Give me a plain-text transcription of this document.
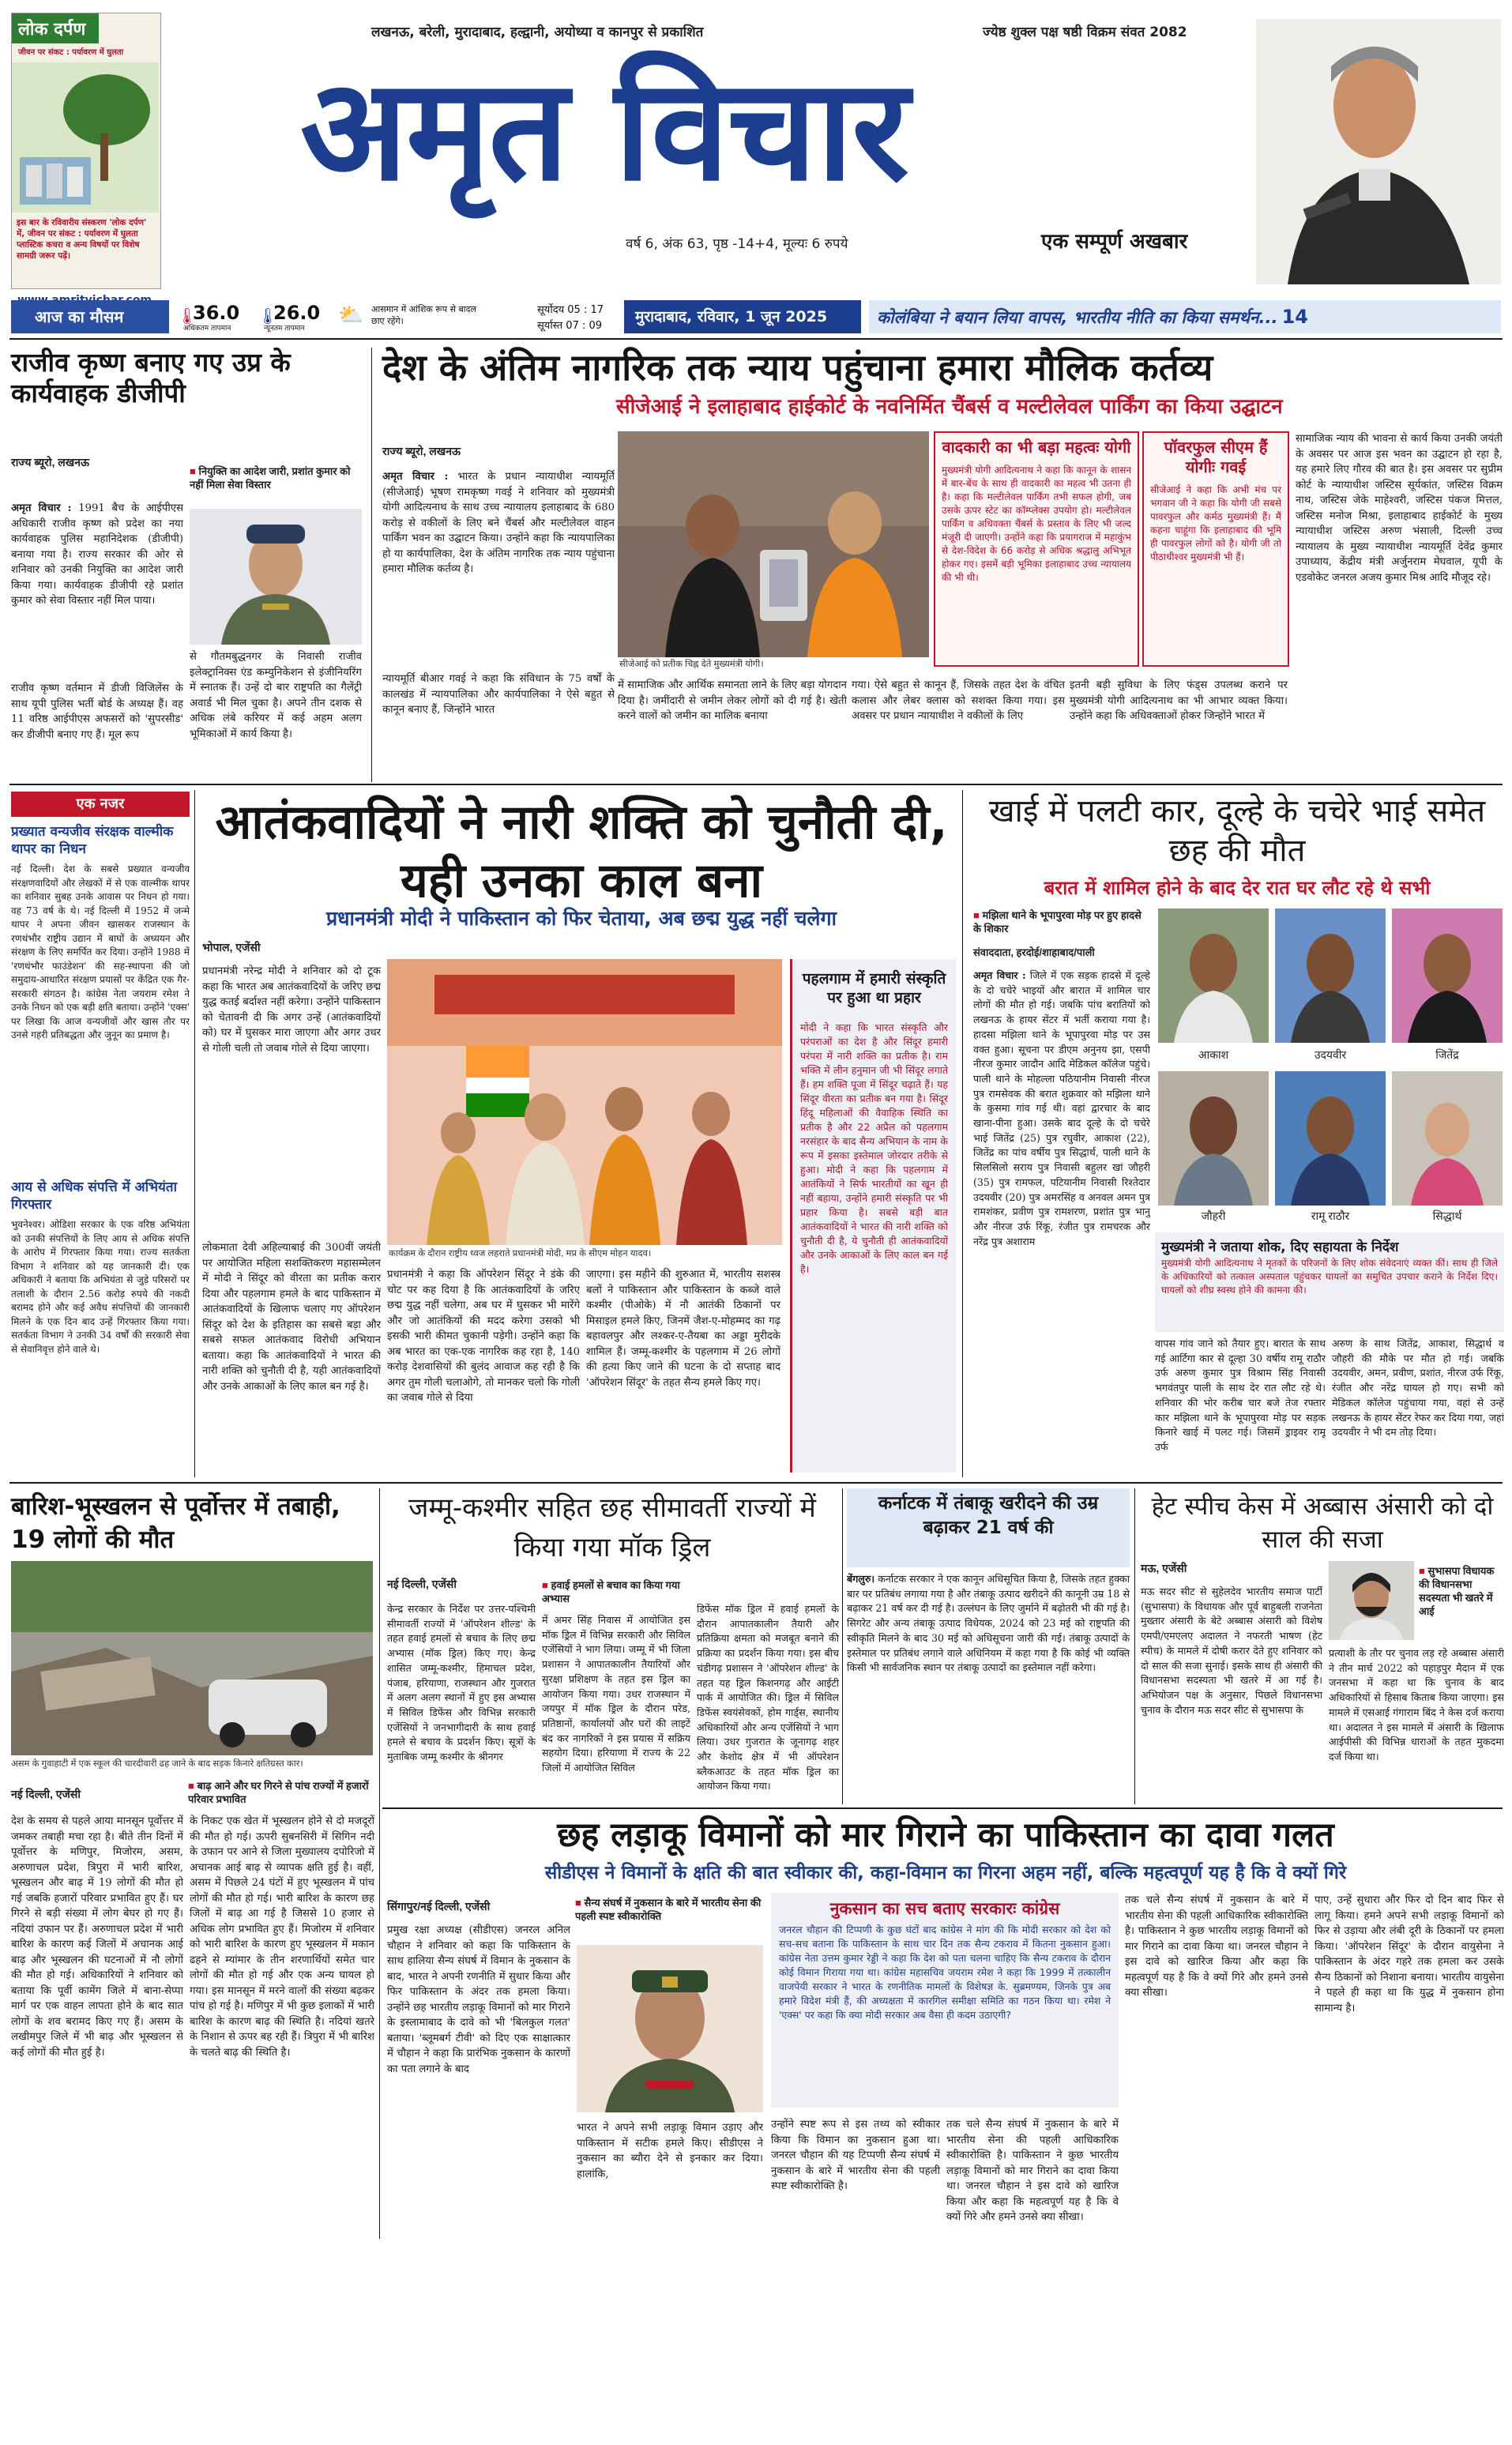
लोक दर्पण
जीवन पर संकट : पर्यावरण में घुलता
इस बार के रविवारीय संस्करण 'लोक दर्पण' में, जीवन पर संकट : पर्यावरण में घुलता प्लास्टिक कचरा व अन्य विषयों पर विशेष सामग्री जरूर पढ़ें।
लखनऊ, बरेली, मुरादाबाद, हल्द्वानी, अयोध्या व कानपुर से प्रकाशित
अमृत विचार
वर्ष 6, अंक 63, पृष्ठ -14+4, मूल्यः 6 रुपये
ज्येष्ठ शुक्ल पक्ष षष्ठी विक्रम संवत 2082
एक सम्पूर्ण अखबार
आज का मौसम	🌡
36.0
अधिकतम तापमान
🌡
26.0
न्यूनतम तापमान
⛅ आसमान में आंशिक रूप से बादल छाए रहेंगे।
सूर्योदय 05 : 17
सूर्यास्त 07 : 09
मुरादाबाद, रविवार, 1 जून 2025	कोलंबिया ने बयान लिया वापस, भारतीय नीति का किया समर्थन... 14
राजीव कृष्ण बनाए गए उप्र के कार्यवाहक डीजीपी
राज्य ब्यूरो, लखनऊ
■ नियुक्ति का आदेश जारी, प्रशांत कुमार को नहीं मिला सेवा विस्तार
अमृत विचार : 1991 बैच के आईपीएस अधिकारी राजीव कृष्ण को प्रदेश का नया कार्यवाहक पुलिस महानिदेशक (डीजीपी) बनाया गया है। राज्य सरकार की ओर से शनिवार को उनकी नियुक्ति का आदेश जारी किया गया। कार्यवाहक डीजीपी रहे प्रशांत कुमार को सेवा विस्तार नहीं मिल पाया।
राजीव कृष्ण वर्तमान में डीजी विजिलेंस के साथ यूपी पुलिस भर्ती बोर्ड के अध्यक्ष हैं। वह 11 वरिष्ठ आईपीएस अफसरों को 'सुपरसीड' कर डीजीपी बनाए गए हैं। मूल रूप
से गौतमबुद्धनगर के निवासी राजीव इलेक्ट्रानिक्स एंड कम्युनिकेशन से इंजीनियरिंग में स्नातक हैं। उन्हें दो बार राष्ट्रपति का गैलेंट्री अवार्ड भी मिल चुका है। अपने तीन दशक से अधिक लंबे करियर में कई अहम अलग भूमिकाओं में कार्य किया है।
देश के अंतिम नागरिक तक न्याय पहुंचाना हमारा मौलिक कर्तव्य
सीजेआई ने इलाहाबाद हाईकोर्ट के नवनिर्मित चैंबर्स व मल्टीलेवल पार्किंग का किया उद्घाटन
राज्य ब्यूरो, लखनऊ
अमृत विचार : भारत के प्रधान न्यायाधीश न्यायमूर्ति (सीजेआई) भूषण रामकृष्ण गवई ने शनिवार को मुख्यमंत्री योगी आदित्यनाथ के साथ उच्च न्यायालय इलाहाबाद के 680 करोड़ से वकीलों के लिए बने चैंबर्स और मल्टीलेवल वाहन पार्किंग भवन का उद्घाटन किया। उन्होंने कहा कि न्यायपालिका हो या कार्यपालिका, देश के अंतिम नागरिक तक न्याय पहुंचाना हमारा मौलिक कर्तव्य है।
न्यायमूर्ति बीआर गवई ने कहा कि संविधान के 75 वर्षों के कालखंड में न्यायपालिका और कार्यपालिका ने ऐसे बहुत से कानून बनाए हैं, जिन्होंने भारत
सीजेआई को प्रतीक चिह्न देते मुख्यमंत्री योगी।
में सामाजिक और आर्थिक समानता लाने के लिए बड़ा योगदान दिया है। जमींदारी से जमीन लेकर लोगों को दी गई है। खेती करने वालों को जमीन का मालिक बनाया
गया। ऐसे बहुत से कानून हैं, जिसके तहत देश के वंचित कलास और लेबर क्लास को सशक्त किया गया। इस अवसर पर प्रधान न्यायाधीश ने वकीलों के लिए
इतनी बड़ी सुविधा के लिए फंड्स उपलब्ध कराने पर मुख्यमंत्री योगी आदित्यनाथ का भी आभार व्यक्त किया। उन्होंने कहा कि अधिवक्ताओं होकर जिन्होंने भारत में
वादकारी का भी बड़ा महत्वः योगी
मुख्यमंत्री योगी आदित्यनाथ ने कहा कि कानून के शासन में बार-बेंच के साथ ही वादकारी का महत्व भी उतना ही है। कहा कि मल्टीलेवल पार्किंग तभी सफल होगी, जब उसके ऊपर स्टेट का कॉम्प्लेक्स उपयोग हो। मल्टीलेवल पार्किंग व अधिवक्ता चैंबर्स के प्रस्ताव के लिए भी जल्द मंजूरी दी जाएगी। उन्होंने कहा कि प्रयागराज में महाकुंभ से देश-विदेश के 66 करोड़ से अधिक श्रद्धालु अभिभूत होकर गए। इसमें बड़ी भूमिका इलाहाबाद उच्च न्यायालय की भी थी।
पॉवरफुल सीएम हैं योगीः गवई
सीजेआई ने कहा कि अभी मंच पर भगवान जी ने कहा कि योगी जी सबसे पावरफुल और कर्मठ मुख्यमंत्री हैं। मैं कहना चाहूंगा कि इलाहाबाद की भूमि ही पावरफुल लोगों को है। योगी जी तो पीठाधीश्वर मुख्यमंत्री भी हैं।
सामाजिक न्याय की भावना से कार्य किया उनकी जयंती के अवसर पर आज इस भवन का उद्घाटन हो रहा है, यह हमारे लिए गौरव की बात है। इस अवसर पर सुप्रीम कोर्ट के न्यायाधीश जस्टिस सूर्यकांत, जस्टिस विक्रम नाथ, जस्टिस जेके माहेश्वरी, जस्टिस पंकज मित्तल, जस्टिस मनोज मिश्रा, इलाहाबाद हाईकोर्ट के मुख्य न्यायाधीश जस्टिस अरुण भंसाली, दिल्ली उच्च न्यायालय के मुख्य न्यायाधीश न्यायमूर्ति देवेंद्र कुमार उपाध्याय, केंद्रीय मंत्री अर्जुनराम मेघवाल, यूपी के एडवोकेट जनरल अजय कुमार मिश्र आदि मौजूद रहे।
एक नजर
प्रख्यात वन्यजीव संरक्षक वाल्मीक थापर का निधन
नई दिल्ली। देश के सबसे प्रख्यात वन्यजीव संरक्षणवादियों और लेखकों में से एक वाल्मीक थापर का शनिवार सुबह उनके आवास पर निधन हो गया। वह 73 वर्ष के थे। नई दिल्ली में 1952 में जन्मे थापर ने अपना जीवन खासकर राजस्थान के रणथंभौर राष्ट्रीय उद्यान में बाघों के अध्ययन और संरक्षण के लिए समर्पित कर दिया। उन्होंने 1988 में 'रणथंभौर फाउंडेशन' की सह-स्थापना की जो समुदाय-आधारित संरक्षण प्रयासों पर केंद्रित एक गैर-सरकारी संगठन है। कांग्रेस नेता जयराम रमेश ने उनके निधन को एक बड़ी क्षति बताया। उन्होंने 'एक्स' पर लिखा कि आज वन्यजीवों और खास तौर पर उनसे गहरी प्रतिबद्धता और जुनून का प्रमाण है।
आय से अधिक संपत्ति में अभियंता गिरफ्तार
भुवनेश्वर। ओडिशा सरकार के एक वरिष्ठ अभियंता को उनकी संपत्तियों के लिए आय से अधिक संपत्ति के आरोप में गिरफ्तार किया गया। राज्य सतर्कता विभाग ने शनिवार को यह जानकारी दी। एक अधिकारी ने बताया कि अभियंता से जुड़े परिसरों पर तलाशी के दौरान 2.56 करोड़ रुपये की नकदी बरामद होने और कई अवैध संपत्तियों की जानकारी मिलने के एक दिन बाद उन्हें गिरफ्तार किया गया। सतर्कता विभाग ने उनकी 34 वर्षों की सरकारी सेवा से सेवानिवृत्त होने वाले थे।
आतंकवादियों ने नारी शक्ति को चुनौती दी, यही उनका काल बना
प्रधानमंत्री मोदी ने पाकिस्तान को फिर चेताया, अब छद्म युद्ध नहीं चलेगा
भोपाल, एजेंसी
प्रधानमंत्री नरेन्द्र मोदी ने शनिवार को दो टूक कहा कि भारत अब आतंकवादियों के जरिए छद्म युद्ध कतई बर्दाश्त नहीं करेगा। उन्होंने पाकिस्तान को चेतावनी दी कि अगर उन्हें (आतंकवादियों को) घर में घुसकर मारा जाएगा और अगर उधर से गोली चली तो जवाब गोले से दिया जाएगा।
लोकमाता देवी अहिल्याबाई की 300वीं जयंती पर आयोजित महिला सशक्तिकरण महासम्मेलन में मोदी ने सिंदूर को वीरता का प्रतीक करार दिया और पहलगाम हमले के बाद पाकिस्तान में आतंकवादियों के खिलाफ चलाए गए ऑपरेशन सिंदूर को देश के इतिहास का सबसे बड़ा और सबसे सफल आतंकवाद विरोधी अभियान बताया। कहा कि आतंकवादियों ने भारत की नारी शक्ति को चुनौती दी है, यही आतंकवादियों और उनके आकाओं के लिए काल बन गई है।
कार्यक्रम के दौरान राष्ट्रीय ध्वज लहराते प्रधानमंत्री मोदी, मप्र के सीएम मोहन यादव।
प्रधानमंत्री ने कहा कि ऑपरेशन सिंदूर ने डंके की चोट पर कह दिया है कि आतंकवादियों के जरिए छद्म युद्ध नहीं चलेगा, अब घर में घुसकर भी मारेंगे और जो आतंकियों की मदद करेगा उसको भी इसकी भारी कीमत चुकानी पड़ेगी। उन्होंने कहा कि अब भारत का एक-एक नागरिक कह रहा है, 140 करोड़ देशवासियों की बुलंद आवाज कह रही है कि अगर तुम गोली चलाओगे, तो मानकर चलो कि गोली का जवाब गोले से दिया
जाएगा। इस महीने की शुरुआत में, भारतीय सशस्त्र बलों ने पाकिस्तान और पाकिस्तान के कब्जे वाले कश्मीर (पीओके) में नौ आतंकी ठिकानों पर मिसाइल हमले किए, जिनमें जैश-ए-मोहम्मद का गढ़ बहावलपुर और लश्कर-ए-तैयबा का अड्डा मुरीदके शामिल हैं। जम्मू-कश्मीर के पहलगाम में 26 लोगों की हत्या किए जाने की घटना के दो सप्ताह बाद 'ऑपरेशन सिंदूर' के तहत सैन्य हमले किए गए।
पहलगाम में हमारी संस्कृति पर हुआ था प्रहार
मोदी ने कहा कि भारत संस्कृति और परंपराओं का देश है और सिंदूर हमारी परंपरा में नारी शक्ति का प्रतीक है। राम भक्ति में लीन हनुमान जी भी सिंदूर लगाते हैं। हम शक्ति पूजा में सिंदूर चढ़ाते हैं। यह सिंदूर वीरता का प्रतीक बन गया है। सिंदूर हिंदू महिलाओं की वैवाहिक स्थिति का प्रतीक है और 22 अप्रैल को पहलगाम नरसंहार के बाद सैन्य अभियान के नाम के रूप में इसका इस्तेमाल जोरदार तरीके से हुआ। मोदी ने कहा कि पहलगाम में आतंकियों ने सिर्फ भारतीयों का खून ही नहीं बहाया, उन्होंने हमारी संस्कृति पर भी प्रहार किया है। सबसे बड़ी बात आतंकवादियों ने भारत की नारी शक्ति को चुनौती दी है, ये चुनौती ही आतंकवादियों और उनके आकाओं के लिए काल बन गई है।
खाई में पलटी कार, दूल्हे के चचेरे भाई समेत छह की मौत
बरात में शामिल होने के बाद देर रात घर लौट रहे थे सभी
■ मझिला थाने के भूपापुरवा मोड़ पर हुए हादसे के शिकार
संवाददाता, हरदोई/शाहाबाद/पाली
अमृत विचार : जिले में एक सड़क हादसे में दूल्हे के दो चचेरे भाइयों और बारात में शामिल चार लोगों की मौत हो गई। जबकि पांच बरातियों को लखनऊ के हायर सेंटर में भर्ती कराया गया है। हादसा मझिला थाने के भूपापुरवा मोड़ पर उस वक्त हुआ। सूचना पर डीएम अनुनय झा, एसपी नीरज कुमार जादौन आदि मेडिकल कॉलेज पहुंचे। पाली थाने के मोहल्ला पठियानीम निवासी नीरज पुत्र रामसेवक की बरात शुक्रवार को मझिला थाने के कुसमा गांव गई थी। वहां द्वारचार के बाद खाना-पीना हुआ। उसके बाद दूल्हे के दो चचेरे भाई जितेंद्र (25) पुत्र रघुवीर, आकाश (22), जितेंद्र का पांच वर्षीय पुत्र सिद्धार्थ, पाली थाने के सिलसिलो सराय पुत्र निवासी बहुलर खां जौहरी (35) पुत्र रामफल, पटियानीम निवासी रिश्तेदार उदयवीर (20) पुत्र अमरसिंह व अनवल अमन पुत्र रामशंकर, प्रवीण पुत्र रामशरण, प्रशांत पुत्र भानु और नीरज उर्फ रिंकू, रंजीत पुत्र रामचरक और नरेंद्र पुत्र अशाराम
आकाश	उदयवीर	जितेंद्र
जौहरी	रामू राठौर	सिद्धार्थ
मुख्यमंत्री ने जताया शोक, दिए सहायता के निर्देश
मुख्यमंत्री योगी आदित्यनाथ ने मृतकों के परिजनों के लिए शोक संवेदनाएं व्यक्त कीं। साथ ही जिले के अधिकारियों को तत्काल अस्पताल पहुंचकर घायलों का समुचित उपचार कराने के निर्देश दिए। घायलों को शीघ्र स्वस्थ होने की कामना की।
वापस गांव जाने को तैयार हुए। बारात के साथ गई आर्टिगा कार से दूल्हा 30 वर्षीय रामू राठौर उर्फ अरुण कुमार पुत्र विश्राम सिंह निवासी भगवंतपुर पाली के साथ देर रात लौट रहे थे। शनिवार की भोर करीब चार बजे तेज रफ्तार कार मझिला थाने के भूपापुरवा मोड़ पर सड़क किनारे खाई में पलट गई। जिसमें ड्राइवर रामू उर्फ
अरुण के साथ जितेंद्र, आकाश, सिद्धार्थ व जौहरी की मौके पर मौत हो गई। जबकि उदयवीर, अमन, प्रवीण, प्रशांत, नीरज उर्फ रिंकू, रंजीत और नरेंद्र घायल हो गए। सभी को मेडिकल कॉलेज पहुंचाया गया, वहां से उन्हें लखनऊ के हायर सेंटर रेफर कर दिया गया, जहां उदयवीर ने भी दम तोड़ दिया।
बारिश-भूस्खलन से पूर्वोत्तर में तबाही, 19 लोगों की मौत
असम के गुवाहाटी में एक स्कूल की चारदीवारी ढह जाने के बाद सड़क किनारे क्षतिग्रस्त कार।
नई दिल्ली, एजेंसी
■ बाढ़ आने और घर गिरने से पांच राज्यों में हजारों परिवार प्रभावित
देश के समय से पहले आया मानसून पूर्वोत्तर में जमकर तबाही मचा रहा है। बीते तीन दिनों में पूर्वोत्तर के मणिपुर, मिजोरम, असम, अरुणाचल प्रदेश, त्रिपुरा में भारी बारिश, भूस्खलन और बाढ़ में 19 लोगों की मौत हो गई जबकि हजारों परिवार प्रभावित हुए हैं। घर गिरने से बड़ी संख्या में लोग बेघर हो गए हैं। नदियां उफान पर हैं। अरुणाचल प्रदेश में भारी बारिश के कारण कई जिलों में अचानक आई बाढ़ और भूस्खलन की घटनाओं में नौ लोगों की मौत हो गई। अधिकारियों ने शनिवार को बताया कि पूर्वी कामेंग जिले में बाना-सेप्पा मार्ग पर एक वाहन लापता होने के बाद सात लोगों के शव बरामद किए गए हैं। असम के लखीमपुर जिले में भी बाढ़ और भूस्खलन से कई लोगों की मौत हुई है।
के निकट एक खेत में भूस्खलन होने से दो मजदूरों की मौत हो गई। ऊपरी सुबनसिरी में सिगिन नदी के उफान पर आने से जिला मुख्यालय दपोरिजो में अचानक आई बाढ़ से व्यापक क्षति हुई है। वहीं, असम में पिछले 24 घंटों में हुए भूस्खलन में पांच लोगों की मौत हो गई। भारी बारिश के कारण छह जिलों में बाढ़ आ गई है जिससे 10 हजार से अधिक लोग प्रभावित हुए हैं। मिजोरम में शनिवार को भारी बारिश के कारण हुए भूस्खलन में मकान ढहने से म्यांमार के तीन शरणार्थियों समेत चार लोगों की मौत हो गई और एक अन्य घायल हो गया। इस मानसून में मरने वालों की संख्या बढ़कर पांच हो गई है। मणिपुर में भी कुछ इलाकों में भारी बारिश के कारण बाढ़ की स्थिति है। नदियां खतरे के निशान से ऊपर बह रही हैं। त्रिपुरा में भी बारिश के चलते बाढ़ की स्थिति है।
जम्मू-कश्मीर सहित छह सीमावर्ती राज्यों में किया गया मॉक ड्रिल
नई दिल्ली, एजेंसी	■ हवाई हमलों से बचाव का किया गया अभ्यास
केन्द्र सरकार के निर्देश पर उत्तर-पश्चिमी सीमावर्ती राज्यों में 'ऑपरेशन शील्ड' के तहत हवाई हमलों से बचाव के लिए छद्म अभ्यास (मॉक ड्रिल) किए गए। केन्द्र शासित जम्मू-कश्मीर, हिमाचल प्रदेश, पंजाब, हरियाणा, राजस्थान और गुजरात में अलग अलग स्थानों में हुए इस अभ्यास में सिविल डिफेंस और विभिन्न सरकारी एजेंसियों ने जनभागीदारी के साथ हवाई हमले से बचाव के प्रदर्शन किए। सूत्रों के मुताबिक जम्मू कश्मीर के श्रीनगर
में अमर सिंह निवास में आयोजित इस मॉक ड्रिल में विभिन्न सरकारी और सिविल एजेंसियों ने भाग लिया। जम्मू में भी जिला प्रशासन ने आपातकालीन तैयारियों और सुरक्षा प्रशिक्षण के तहत इस ड्रिल का आयोजन किया गया। उधर राजस्थान में जयपुर में मॉक ड्रिल के दौरान परेड, प्रतिष्ठानों, कार्यालयों और घरों की लाइटें बंद कर नागरिकों ने इस प्रयास में सक्रिय सहयोग दिया। हरियाणा में राज्य के 22 जिलों में आयोजित सिविल
डिफेंस मॉक ड्रिल में हवाई हमलों के दौरान आपातकालीन तैयारी और प्रतिक्रिया क्षमता को मजबूत बनाने की प्रक्रिया का प्रदर्शन किया गया। इस बीच चंडीगढ़ प्रशासन ने 'ऑपरेशन शील्ड' के तहत यह ड्रिल किशनगढ़ और आईटी पार्क में आयोजित की। ड्रिल में सिविल डिफेंस स्वयंसेवकों, होम गार्ड्स, स्थानीय अधिकारियों और अन्य एजेंसियों ने भाग लिया। उधर गुजरात के जूनागढ़ शहर और केशोद क्षेत्र में भी ऑपरेशन ब्लैकआउट के तहत मॉक ड्रिल का आयोजन किया गया।
कर्नाटक में तंबाकू खरीदने की उम्र बढ़ाकर 21 वर्ष की
बेंगलुरु। कर्नाटक सरकार ने एक कानून अधिसूचित किया है, जिसके तहत हुक्का बार पर प्रतिबंध लगाया गया है और तंबाकू उत्पाद खरीदने की कानूनी उम्र 18 से बढ़ाकर 21 वर्ष कर दी गई है। उल्लंघन के लिए जुर्माने में बढ़ोतरी भी की गई है। सिगरेट और अन्य तंबाकू उत्पाद विधेयक, 2024 को 23 मई को राष्ट्रपति की स्वीकृति मिलने के बाद 30 मई को अधिसूचना जारी की गई। तंबाकू उत्पादों के इस्तेमाल पर प्रतिबंध लगाने वाले अधिनियम में कहा गया है कि कोई भी व्यक्ति किसी भी सार्वजनिक स्थान पर तंबाकू उत्पादों का इस्तेमाल नहीं करेगा।
हेट स्पीच केस में अब्बास अंसारी को दो साल की सजा
मऊ, एजेंसी	■ सुभासपा विधायक की विधानसभा सदस्यता भी खतरे में आई
मऊ सदर सीट से सुहेलदेव भारतीय समाज पार्टी (सुभासपा) के विधायक और पूर्व बाहुबली राजनेता मुख्तार अंसारी के बेटे अब्बास अंसारी को विशेष एमपी/एमएलए अदालत ने नफरती भाषण (हेट स्पीच) के मामले में दोषी करार देते हुए शनिवार को दो साल की सजा सुनाई। इसके साथ ही अंसारी की विधानसभा सदस्यता भी खतरे में आ गई है। अभियोजन पक्ष के अनुसार, पिछले विधानसभा चुनाव के दौरान मऊ सदर सीट से सुभासपा के
प्रत्याशी के तौर पर चुनाव लड़ रहे अब्बास अंसारी ने तीन मार्च 2022 को पहाड़पुर मैदान में एक जनसभा में कहा था कि चुनाव के बाद अधिकारियों से हिसाब किताब किया जाएगा। इस मामले में एसआई गंगाराम बिंद ने केस दर्ज कराया था। अदालत ने इस मामले में अंसारी के खिलाफ आईपीसी की विभिन्न धाराओं के तहत मुकदमा दर्ज किया था।
छह लड़ाकू विमानों को मार गिराने का पाकिस्तान का दावा गलत
सीडीएस ने विमानों के क्षति की बात स्वीकार की, कहा-विमान का गिरना अहम नहीं, बल्कि महत्वपूर्ण यह है कि वे क्यों गिरे
सिंगापुर/नई दिल्ली, एजेंसी	■ सैन्य संघर्ष में नुकसान के बारे में भारतीय सेना की पहली स्पष्ट स्वीकारोक्ति
प्रमुख रक्षा अध्यक्ष (सीडीएस) जनरल अनिल चौहान ने शनिवार को कहा कि पाकिस्तान के साथ हालिया सैन्य संघर्ष में विमान के नुकसान के बाद, भारत ने अपनी रणनीति में सुधार किया और फिर पाकिस्तान के अंदर तक हमला किया। उन्होंने छह भारतीय लड़ाकू विमानों को मार गिराने के इस्लामाबाद के दावे को भी 'बिलकुल गलत' बताया। 'ब्लूमबर्ग टीवी' को दिए एक साक्षात्कार में चौहान ने कहा कि प्रारंभिक नुकसान के कारणों का पता लगाने के बाद
भारत ने अपने सभी लड़ाकू विमान उड़ाए और पाकिस्तान में सटीक हमले किए। सीडीएस ने नुकसान का ब्यौरा देने से इनकार कर दिया। हालांकि,
नुकसान का सच बताए सरकारः कांग्रेस
जनरल चौहान की टिप्पणी के कुछ घंटों बाद कांग्रेस ने मांग की कि मोदी सरकार को देश को सच-सच बताना कि पाकिस्तान के साथ चार दिन तक सैन्य टकराव में कितना नुकसान हुआ। कांग्रेस नेता उत्तम कुमार रेड्डी ने कहा कि देश को पता चलना चाहिए कि सैन्य टकराव के दौरान कोई विमान गिराया गया था। कांग्रेस महासचिव जयराम रमेश ने कहा कि 1999 में तत्कालीन वाजपेयी सरकार ने भारत के रणनीतिक मामलों के विशेषज्ञ के. सुब्रमण्यम, जिनके पुत्र अब हमारे विदेश मंत्री हैं, की अध्यक्षता में कारगिल समीक्षा समिति का गठन किया था। रमेश ने 'एक्स' पर कहा कि क्या मोदी सरकार अब वैसा ही कदम उठाएगी?
उन्होंने स्पष्ट रूप से इस तथ्य को स्वीकार किया कि विमान का नुकसान हुआ था। जनरल चौहान की यह टिप्पणी सैन्य संघर्ष में नुकसान के बारे में भारतीय सेना की पहली स्पष्ट स्वीकारोक्ति है।
तक चले सैन्य संघर्ष में नुकसान के बारे में भारतीय सेना की पहली आधिकारिक स्वीकारोक्ति है। पाकिस्तान ने कुछ भारतीय लड़ाकू विमानों को मार गिराने का दावा किया था। जनरल चौहान ने इस दावे को खारिज किया और कहा कि महत्वपूर्ण यह है कि वे क्यों गिरे और हमने उनसे क्या सीखा।
तक चले सैन्य संघर्ष में नुकसान के बारे में भारतीय सेना की पहली आधिकारिक स्वीकारोक्ति है। पाकिस्तान ने कुछ भारतीय लड़ाकू विमानों को मार गिराने का दावा किया था। जनरल चौहान ने इस दावे को खारिज किया और कहा कि महत्वपूर्ण यह है कि वे क्यों गिरे और हमने उनसे क्या सीखा।
पाए, उन्हें सुधारा और फिर दो दिन बाद फिर से लागू किया। हमने अपने सभी लड़ाकू विमानों को फिर से उड़ाया और लंबी दूरी के ठिकानों पर हमला किया। 'ऑपरेशन सिंदूर' के दौरान वायुसेना ने पाकिस्तान के अंदर गहरे तक हमला कर उसके सैन्य ठिकानों को निशाना बनाया। भारतीय वायुसेना ने पहले ही कहा था कि युद्ध में नुकसान होना सामान्य है।
